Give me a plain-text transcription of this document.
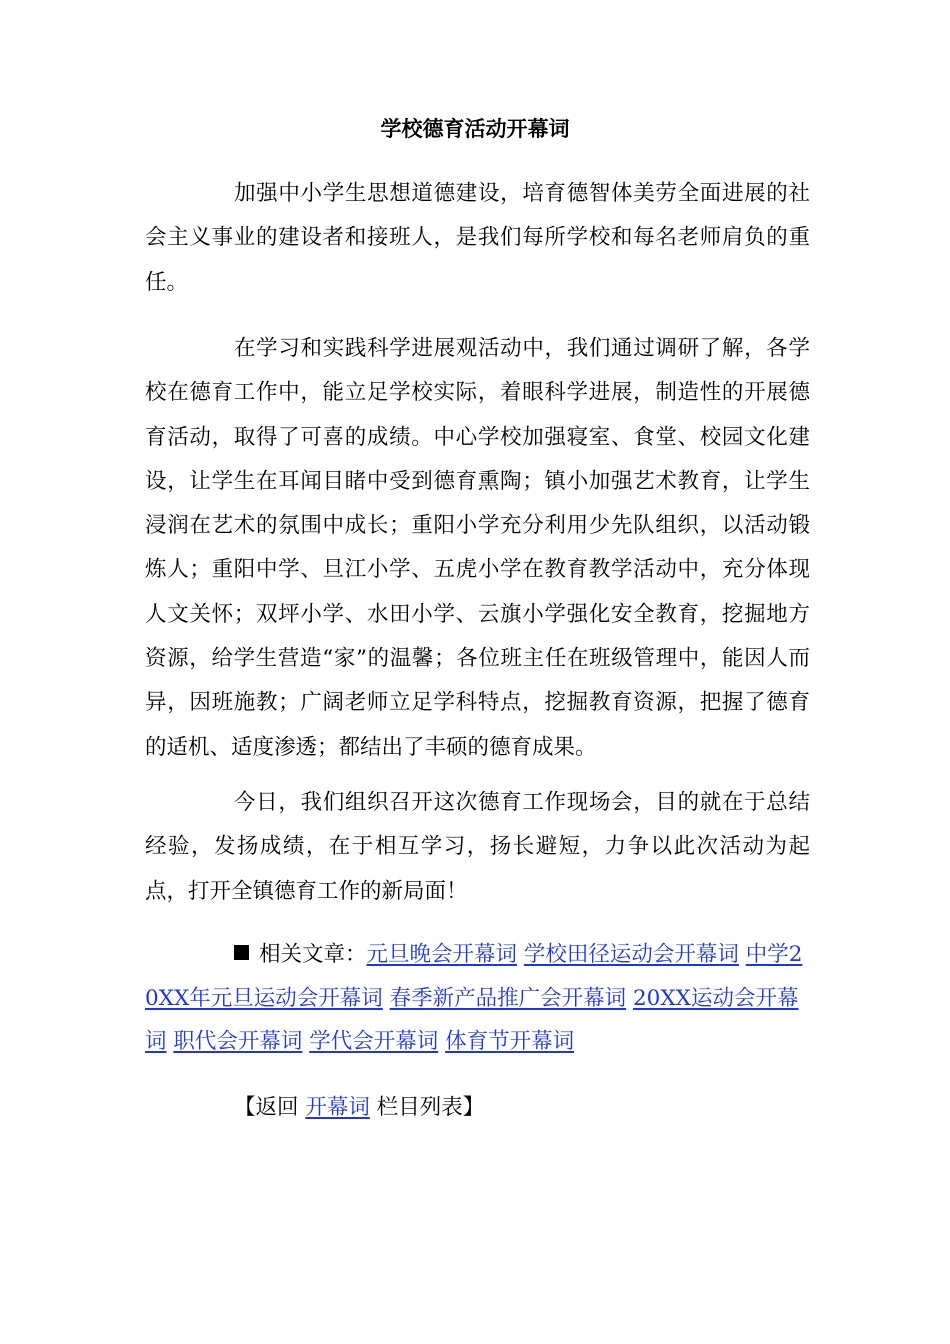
学校德育活动开幕词

加强中小学生思想道德建设，培育德智体美劳全面进展的社会主义事业的建设者和接班人，是我们每所学校和每名老师肩负的重任。

在学习和实践科学进展观活动中，我们通过调研了解，各学校在德育工作中，能立足学校实际，着眼科学进展，制造性的开展德育活动，取得了可喜的成绩。中心学校加强寝室、食堂、校园文化建设，让学生在耳闻目睹中受到德育熏陶；镇小加强艺术教育，让学生浸润在艺术的氛围中成长；重阳小学充分利用少先队组织，以活动锻炼人；重阳中学、旦江小学、五虎小学在教育教学活动中，充分体现人文关怀；双坪小学、水田小学、云旗小学强化安全教育，挖掘地方资源，给学生营造“家”的温馨；各位班主任在班级管理中，能因人而异，因班施教；广阔老师立足学科特点，挖掘教育资源，把握了德育的适机、适度渗透；都结出了丰硕的德育成果。

今日，我们组织召开这次德育工作现场会，目的就在于总结经验，发扬成绩，在于相互学习，扬长避短，力争以此次活动为起点，打开全镇德育工作的新局面！

相关文章：元旦晚会开幕词 学校田径运动会开幕词 中学20XX年元旦运动会开幕词 春季新产品推广会开幕词 20XX运动会开幕词 职代会开幕词 学代会开幕词 体育节开幕词

【返回 开幕词 栏目列表】
